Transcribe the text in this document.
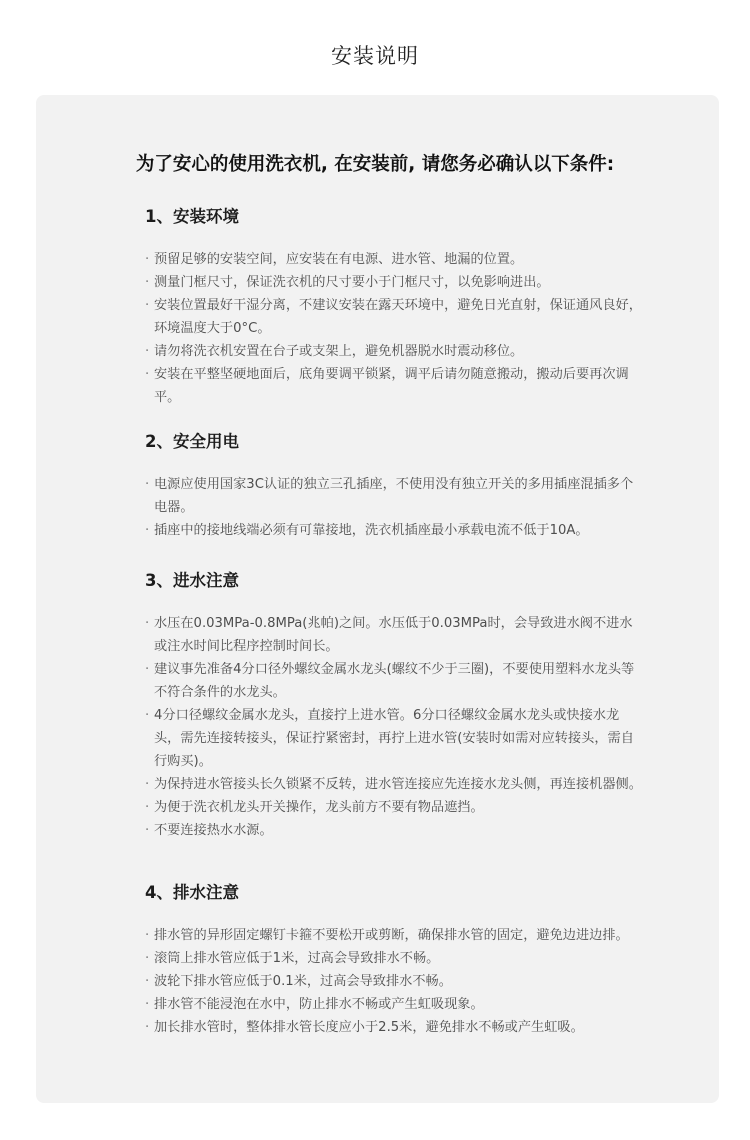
安装说明
为了安心的使用洗衣机, 在安装前, 请您务必确认以下条件:
1、安装环境
· 预留足够的安装空间，应安装在有电源、进水管、地漏的位置。
· 测量门框尺寸，保证洗衣机的尺寸要小于门框尺寸，以免影响进出。
· 安装位置最好干湿分离，不建议安装在露天环境中，避免日光直射，保证通风良好，环境温度大于0°C。
· 请勿将洗衣机安置在台子或支架上，避免机器脱水时震动移位。
· 安装在平整坚硬地面后，底角要调平锁紧，调平后请勿随意搬动，搬动后要再次调平。
2、安全用电
· 电源应使用国家3C认证的独立三孔插座，不使用没有独立开关的多用插座混插多个电器。
· 插座中的接地线端必须有可靠接地，洗衣机插座最小承载电流不低于10A。
3、进水注意
· 水压在0.03MPa-0.8MPa(兆帕)之间。水压低于0.03MPa时，会导致进水阀不进水或注水时间比程序控制时间长。
· 建议事先准备4分口径外螺纹金属水龙头(螺纹不少于三圈)，不要使用塑料水龙头等不符合条件的水龙头。
· 4分口径螺纹金属水龙头，直接拧上进水管。6分口径螺纹金属水龙头或快接水龙头，需先连接转接头，保证拧紧密封，再拧上进水管(安装时如需对应转接头，需自行购买)。
· 为保持进水管接头长久锁紧不反转，进水管连接应先连接水龙头侧，再连接机器侧。
· 为便于洗衣机龙头开关操作，龙头前方不要有物品遮挡。
· 不要连接热水水源。
4、排水注意
· 排水管的异形固定螺钉卡箍不要松开或剪断，确保排水管的固定，避免边进边排。
· 滚筒上排水管应低于1米，过高会导致排水不畅。
· 波轮下排水管应低于0.1米，过高会导致排水不畅。
· 排水管不能浸泡在水中，防止排水不畅或产生虹吸现象。
· 加长排水管时，整体排水管长度应小于2.5米，避免排水不畅或产生虹吸。
